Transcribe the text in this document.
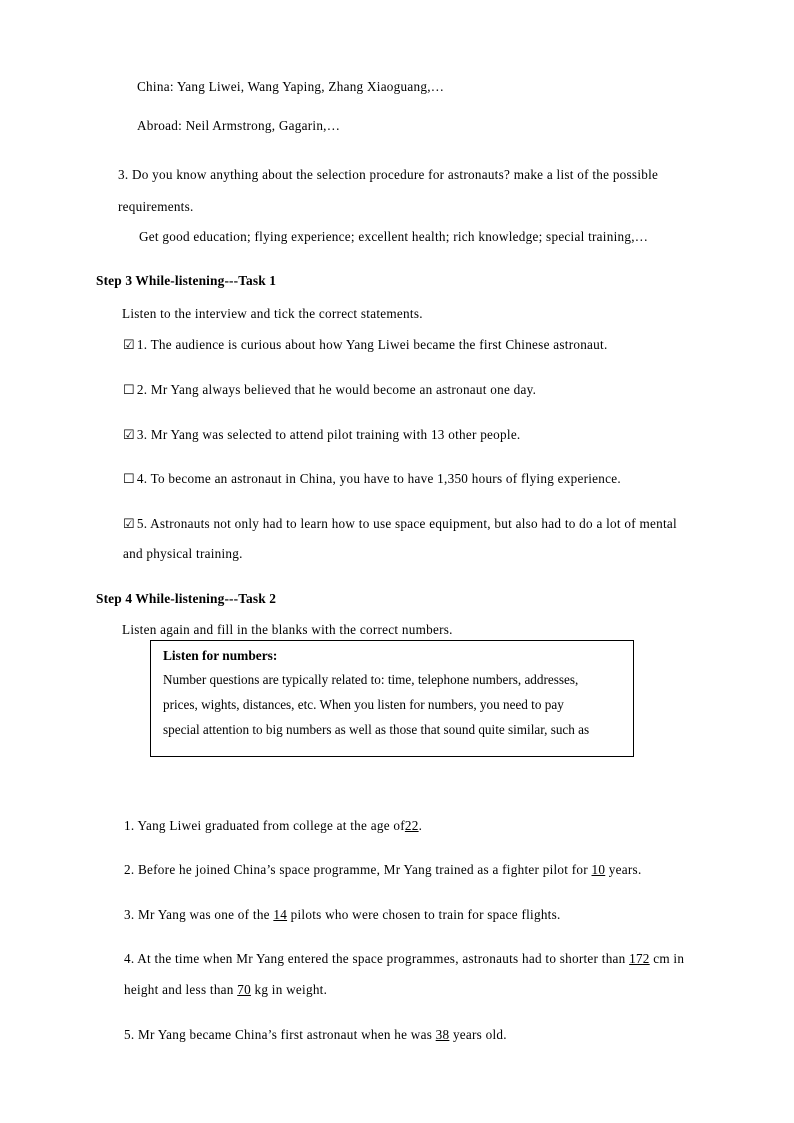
China: Yang Liwei, Wang Yaping, Zhang Xiaoguang,…
Abroad: Neil Armstrong, Gagarin,…
3. Do you know anything about the selection procedure for astronauts? make a list of the possible
requirements.
Get good education; flying experience; excellent health; rich knowledge; special training,…
Step 3 While-listening---Task 1
Listen to the interview and tick the correct statements.
☑ 1. The audience is curious about how Yang Liwei became the first Chinese astronaut.
☐ 2. Mr Yang always believed that he would become an astronaut one day.
☑ 3. Mr Yang was selected to attend pilot training with 13 other people.
☐ 4. To become an astronaut in China, you have to have 1,350 hours of flying experience.
☑ 5. Astronauts not only had to learn how to use space equipment, but also had to do a lot of mental
and physical training.
Step 4 While-listening---Task 2
Listen again and fill in the blanks with the correct numbers.
Listen for numbers:
Number questions are typically related to: time, telephone numbers, addresses,
prices, wights, distances, etc. When you listen for numbers, you need to pay
special attention to big numbers as well as those that sound quite similar, such as
1. Yang Liwei graduated from college at the age of22.
2. Before he joined China’s space programme, Mr Yang trained as a fighter pilot for 10 years.
3. Mr Yang was one of the 14 pilots who were chosen to train for space flights.
4. At the time when Mr Yang entered the space programmes, astronauts had to shorter than 172 cm in
height and less than 70 kg in weight.
5. Mr Yang became China’s first astronaut when he was 38 years old.
